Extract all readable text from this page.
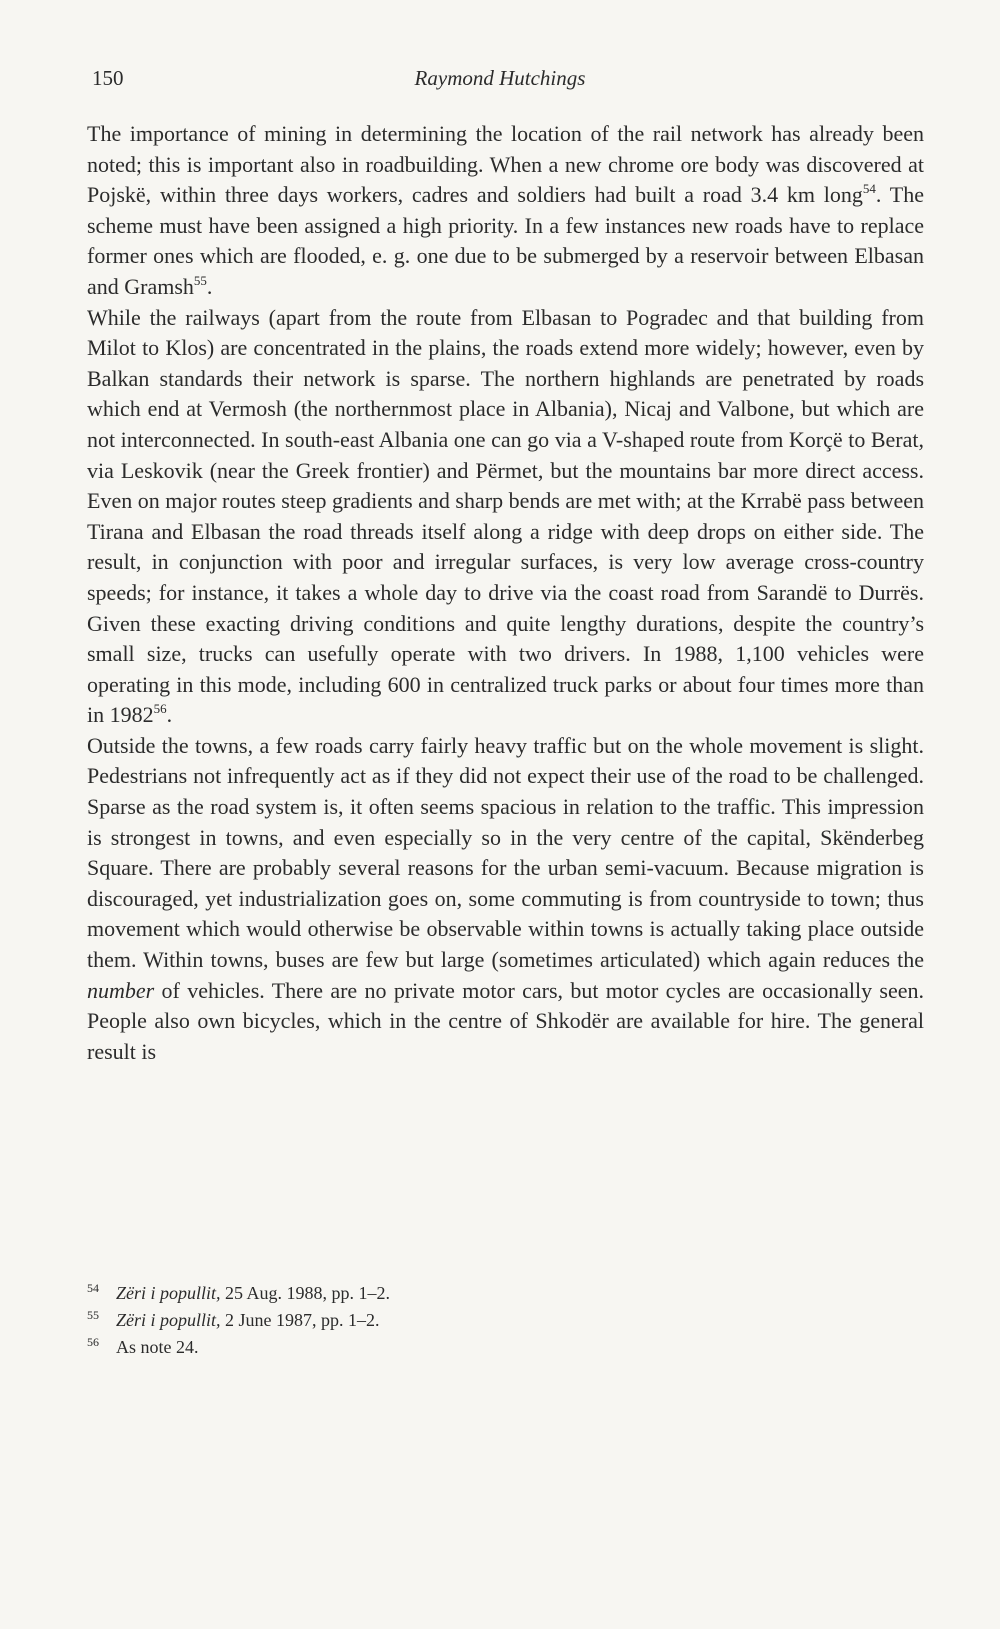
150	Raymond Hutchings

The importance of mining in determining the location of the rail network has already been noted; this is important also in roadbuilding. When a new chrome ore body was discovered at Pojskë, within three days workers, cadres and soldiers had built a road 3.4 km long$^{54}$. The scheme must have been assigned a high priority. In a few instances new roads have to replace former ones which are flooded, e. g. one due to be submerged by a reservoir between Elbasan and Gramsh$^{55}$.

While the railways (apart from the route from Elbasan to Pogradec and that building from Milot to Klos) are concentrated in the plains, the roads extend more widely; however, even by Balkan standards their network is sparse. The northern highlands are penetrated by roads which end at Vermosh (the northernmost place in Albania), Nicaj and Valbone, but which are not interconnected. In south-east Albania one can go via a V-shaped route from Korçë to Berat, via Leskovik (near the Greek frontier) and Përmet, but the mountains bar more direct access. Even on major routes steep gradients and sharp bends are met with; at the Krrabë pass between Tirana and Elbasan the road threads itself along a ridge with deep drops on either side. The result, in conjunction with poor and irregular surfaces, is very low average cross-country speeds; for instance, it takes a whole day to drive via the coast road from Sarandë to Durrës. Given these exacting driving conditions and quite lengthy durations, despite the country’s small size, trucks can usefully operate with two drivers. In 1988, 1,100 vehicles were operating in this mode, including 600 in centralized truck parks or about four times more than in 1982$^{56}$.

Outside the towns, a few roads carry fairly heavy traffic but on the whole movement is slight. Pedestrians not infrequently act as if they did not expect their use of the road to be challenged. Sparse as the road system is, it often seems spacious in relation to the traffic. This impression is strongest in towns, and even especially so in the very centre of the capital, Skënderbeg Square. There are probably several reasons for the urban semi-vacuum. Because migration is discouraged, yet industrialization goes on, some commuting is from countryside to town; thus movement which would otherwise be observable within towns is actually taking place outside them. Within towns, buses are few but large (sometimes articulated) which again reduces the number of vehicles. There are no private motor cars, but motor cycles are occasionally seen. People also own bicycles, which in the centre of Shkodër are available for hire. The general result is

$^{54}$ Zëri i popullit, 25 Aug. 1988, pp. 1–2.
$^{55}$ Zëri i popullit, 2 June 1987, pp. 1–2.
$^{56}$ As note 24.
